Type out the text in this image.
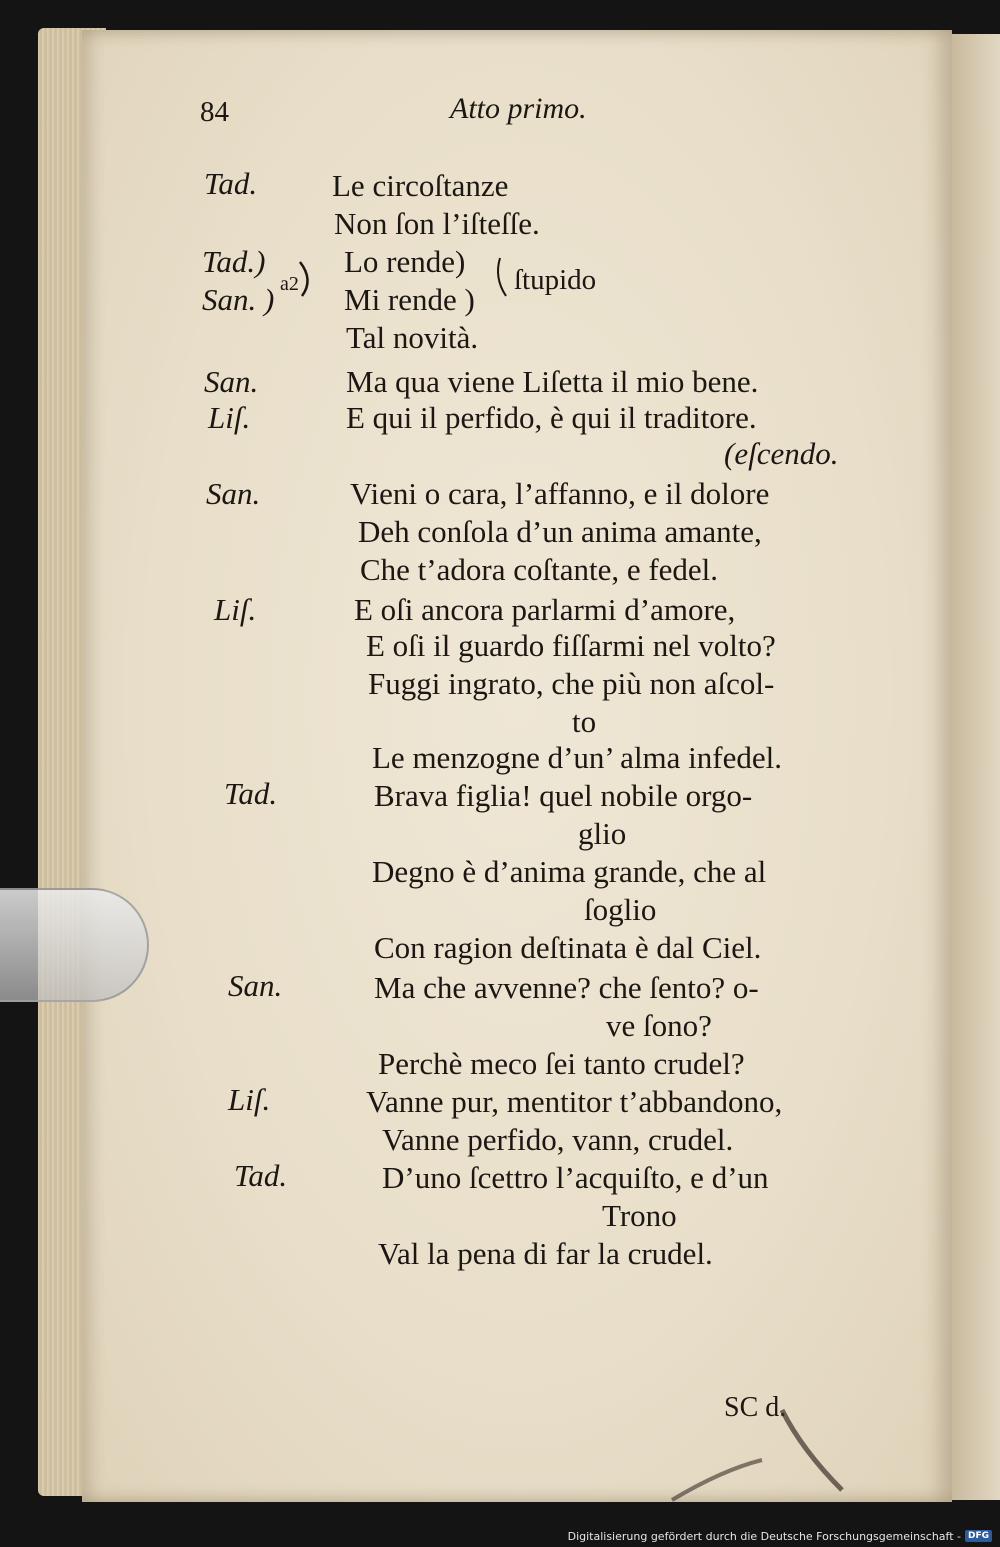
84	Atto primo.
Tad.
Tad.)
San. ) a2
San.
Liſ.
San.
Liſ.
Tad.
San.
Liſ.
Tad.
Le circoſtanze
Non ſon l’iſteſſe.
Lo rende)
Mi rende )
ſtupido
Tal novità.
Ma qua viene Liſetta il mio bene.
E qui il perfido, è qui il traditore.
(eſcendo.
Vieni o cara, l’affanno, e il dolore
Deh conſola d’un anima amante,
Che t’adora coſtante, e fedel.
E oſi ancora parlarmi d’amore,
E oſi il guardo fiſſarmi nel volto?
Fuggi ingrato, che più non aſcol-
to
Le menzogne d’un’ alma infedel.
Brava figlia! quel nobile orgo-
glio
Degno è d’anima grande, che al
ſoglio
Con ragion deſtinata è dal Ciel.
Ma che avvenne? che ſento? o-
ve ſono?
Perchè meco ſei tanto crudel?
Vanne pur, mentitor t’abbandono,
Vanne perfido, vann, crudel.
D’uno ſcettro l’acquiſto, e d’un
Trono
Val la pena di far la crudel.
SC d.
Digitalisierung gefördert durch die Deutsche Forschungsgemeinschaft - DFG
